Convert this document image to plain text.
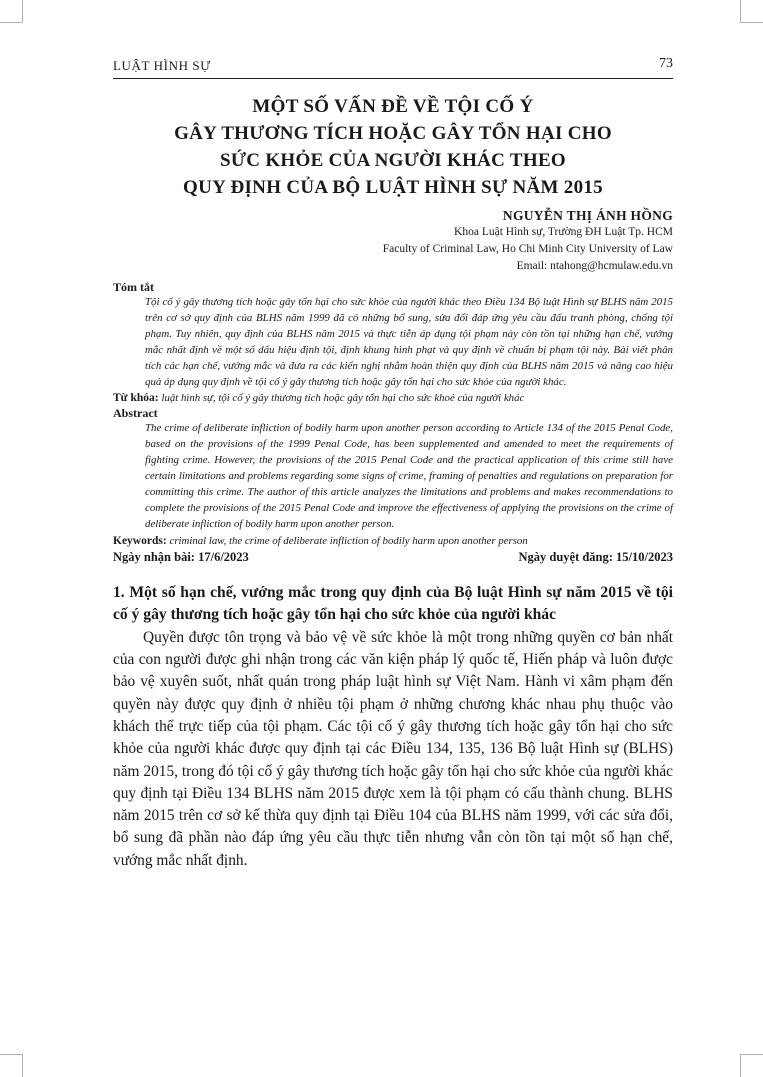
LUẬT HÌNH SỰ	73
MỘT SỐ VẤN ĐỀ VỀ TỘI CỐ Ý
GÂY THƯƠNG TÍCH HOẶC GÂY TỔN HẠI CHO
SỨC KHỎE CỦA NGƯỜI KHÁC THEO
QUY ĐỊNH CỦA BỘ LUẬT HÌNH SỰ NĂM 2015
NGUYỄN THỊ ÁNH HỒNG
Khoa Luật Hình sự, Trường ĐH Luật Tp. HCM
Faculty of Criminal Law, Ho Chi Minh City University of Law
Email: ntahong@hcmulaw.edu.vn
Tóm tắt
Tội cố ý gây thương tích hoặc gây tổn hại cho sức khỏe của người khác theo Điều 134 Bộ luật Hình sự BLHS năm 2015 trên cơ sở quy định của BLHS năm 1999 đã có những bổ sung, sửa đổi đáp ứng yêu cầu đấu tranh phòng, chống tội phạm. Tuy nhiên, quy định của BLHS năm 2015 và thực tiễn áp dụng tội phạm này còn tồn tại những hạn chế, vướng mắc nhất định về một số dấu hiệu định tội, định khung hình phạt và quy định về chuẩn bị phạm tội này. Bài viết phân tích các hạn chế, vướng mắc và đưa ra các kiến nghị nhằm hoàn thiện quy định của BLHS năm 2015 và nâng cao hiệu quả áp dụng quy định về tội cố ý gây thương tích hoặc gây tổn hại cho sức khỏe của người khác.
Từ khóa: luật hình sự, tội cố ý gây thương tích hoặc gây tổn hại cho sức khoẻ của người khác
Abstract
The crime of deliberate infliction of bodily harm upon another person according to Article 134 of the 2015 Penal Code, based on the provisions of the 1999 Penal Code, has been supplemented and amended to meet the requirements of fighting crime. However, the provisions of the 2015 Penal Code and the practical application of this crime still have certain limitations and problems regarding some signs of crime, framing of penalties and regulations on preparation for committing this crime. The author of this article analyzes the limitations and problems and makes recommendations to complete the provisions of the 2015 Penal Code and improve the effectiveness of applying the provisions on the crime of deliberate infliction of bodily harm upon another person.
Keywords: criminal law, the crime of deliberate infliction of bodily harm upon another person
Ngày nhận bài: 17/6/2023	Ngày duyệt đăng: 15/10/2023
1. Một số hạn chế, vướng mắc trong quy định của Bộ luật Hình sự năm 2015 về tội cố ý gây thương tích hoặc gây tổn hại cho sức khỏe của người khác
Quyền được tôn trọng và bảo vệ về sức khỏe là một trong những quyền cơ bản nhất của con người được ghi nhận trong các văn kiện pháp lý quốc tế, Hiến pháp và luôn được bảo vệ xuyên suốt, nhất quán trong pháp luật hình sự Việt Nam. Hành vi xâm phạm đến quyền này được quy định ở nhiều tội phạm ở những chương khác nhau phụ thuộc vào khách thể trực tiếp của tội phạm. Các tội cố ý gây thương tích hoặc gây tổn hại cho sức khỏe của người khác được quy định tại các Điều 134, 135, 136 Bộ luật Hình sự (BLHS) năm 2015, trong đó tội cố ý gây thương tích hoặc gây tổn hại cho sức khỏe của người khác quy định tại Điều 134 BLHS năm 2015 được xem là tội phạm có cấu thành chung. BLHS năm 2015 trên cơ sở kế thừa quy định tại Điều 104 của BLHS năm 1999, với các sửa đổi, bổ sung đã phần nào đáp ứng yêu cầu thực tiễn nhưng vẫn còn tồn tại một số hạn chế, vướng mắc nhất định.
